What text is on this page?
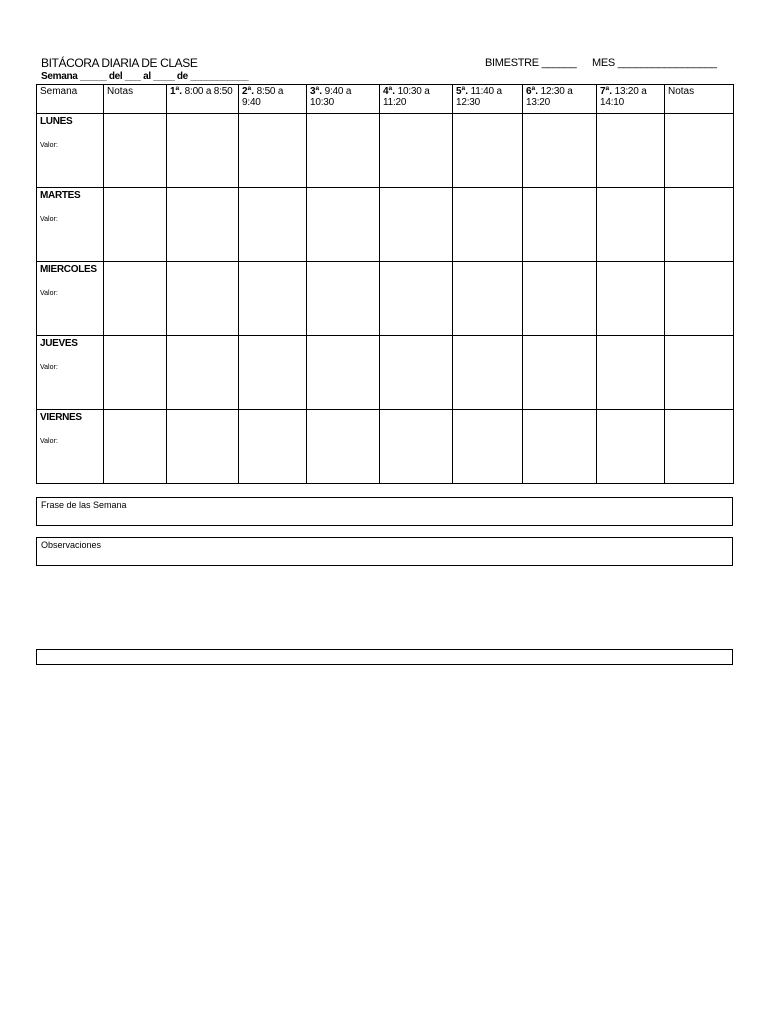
BITÁCORA DIARIA DE CLASE	BIMESTRE ______ MES _________________
Semana _____ del ___ al ____ de ___________
Semana	Notas	1ª. 8:00 a 8:50	2ª. 8:50 a 9:40	3ª. 9:40 a 10:30	4ª. 10:30 a 11:20	5ª. 11:40 a 12:30	6ª. 12:30 a 13:20	7ª. 13:20 a 14:10	Notas

LUNES
Valor:									

MARTES
Valor:									

MIERCOLES
Valor:									

JUEVES
Valor:									

VIERNES
Valor:									

Frase de las Semana
Observaciones
